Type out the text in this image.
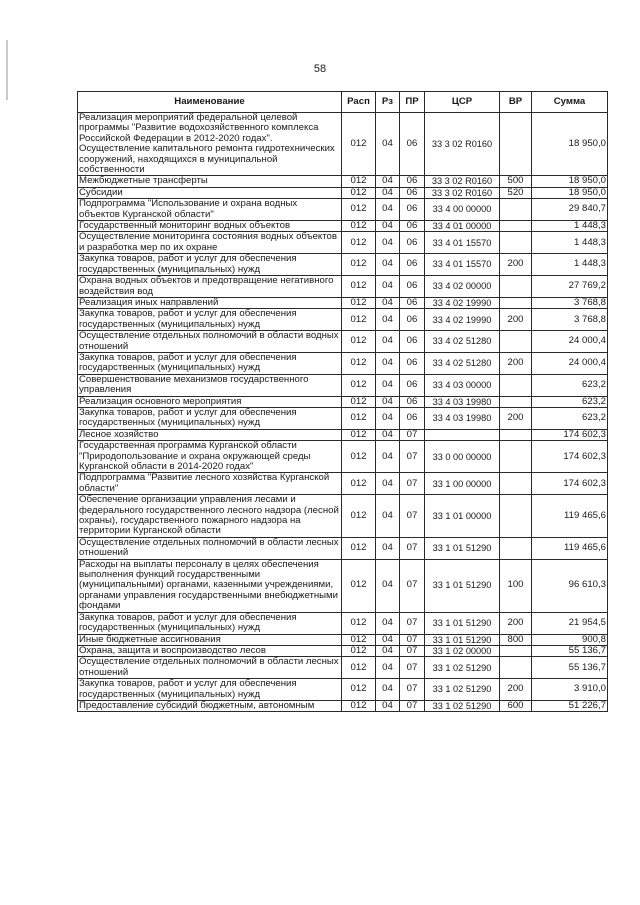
58
Наименование	Расп	Рз	ПР	ЦСР	ВР	Сумма
Реализация мероприятий федеральной целевой программы "Развитие водохозяйственного комплекса Российской Федерации в 2012-2020 годах". Осуществление капитального ремонта гидротехнических сооружений, находящихся в муниципальной собственности	012	04	06	33 3 02 R0160		18 950,0
Межбюджетные трансферты	012	04	06	33 3 02 R0160	500	18 950,0
Субсидии	012	04	06	33 3 02 R0160	520	18 950,0
Подпрограмма "Использование и охрана водных объектов Курганской области"	012	04	06	33 4 00 00000		29 840,7
Государственный мониторинг водных объектов	012	04	06	33 4 01 00000		1 448,3
Осуществление мониторинга состояния водных объектов и разработка мер по их охране	012	04	06	33 4 01 15570		1 448,3
Закупка товаров, работ и услуг для обеспечения государственных (муниципальных) нужд	012	04	06	33 4 01 15570	200	1 448,3
Охрана водных объектов и предотвращение негативного воздействия вод	012	04	06	33 4 02 00000		27 769,2
Реализация иных направлений	012	04	06	33 4 02 19990		3 768,8
Закупка товаров, работ и услуг для обеспечения государственных (муниципальных) нужд	012	04	06	33 4 02 19990	200	3 768,8
Осуществление отдельных полномочий в области водных отношений	012	04	06	33 4 02 51280		24 000,4
Закупка товаров, работ и услуг для обеспечения государственных (муниципальных) нужд	012	04	06	33 4 02 51280	200	24 000,4
Совершенствование механизмов государственного управления	012	04	06	33 4 03 00000		623,2
Реализация основного мероприятия	012	04	06	33 4 03 19980		623,2
Закупка товаров, работ и услуг для обеспечения государственных (муниципальных) нужд	012	04	06	33 4 03 19980	200	623,2
Лесное хозяйство	012	04	07			174 602,3
Государственная программа Курганской области "Природопользование и охрана окружающей среды Курганской области в 2014-2020 годах"	012	04	07	33 0 00 00000		174 602,3
Подпрограмма "Развитие лесного хозяйства Курганской области"	012	04	07	33 1 00 00000		174 602,3
Обеспечение организации управления лесами и федерального государственного лесного надзора (лесной охраны), государственного пожарного надзора на территории Курганской области	012	04	07	33 1 01 00000		119 465,6
Осуществление отдельных полномочий в области лесных отношений	012	04	07	33 1 01 51290		119 465,6
Расходы на выплаты персоналу в целях обеспечения выполнения функций государственными (муниципальными) органами, казенными учреждениями, органами управления государственными внебюджетными фондами	012	04	07	33 1 01 51290	100	96 610,3
Закупка товаров, работ и услуг для обеспечения государственных (муниципальных) нужд	012	04	07	33 1 01 51290	200	21 954,5
Иные бюджетные ассигнования	012	04	07	33 1 01 51290	800	900,8
Охрана, защита и воспроизводство лесов	012	04	07	33 1 02 00000		55 136,7
Осуществление отдельных полномочий в области лесных отношений	012	04	07	33 1 02 51290		55 136,7
Закупка товаров, работ и услуг для обеспечения государственных (муниципальных) нужд	012	04	07	33 1 02 51290	200	3 910,0
Предоставление субсидий бюджетным, автономным	012	04	07	33 1 02 51290	600	51 226,7
